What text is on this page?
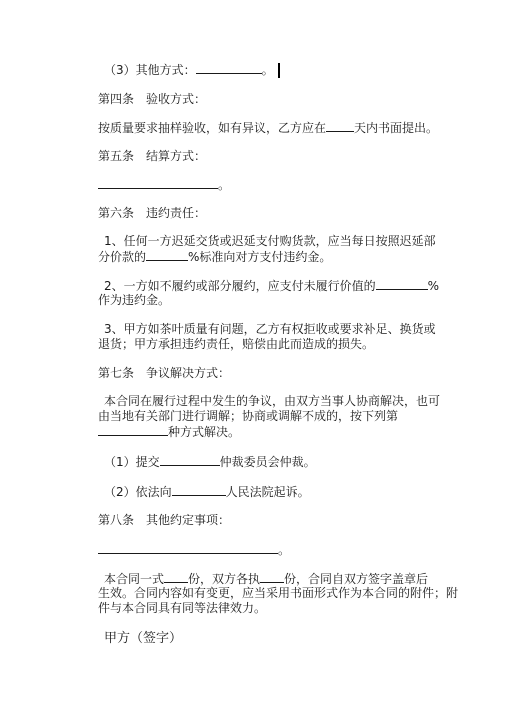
（3）其他方式：	。
第四条　验收方式：
按质量要求抽样验收，如有异议，乙方应在 天内书面提出。
第五条　结算方式：
。
第六条　违约责任：
1、任何一方迟延交货或迟延支付购货款，应当每日按照迟延部
分价款的	%标准向对方支付违约金。
2、一方如不履约或部分履约，应支付未履行价值的	%
作为违约金。
3、甲方如茶叶质量有问题，乙方有权拒收或要求补足、换货或
退货；甲方承担违约责任，赔偿由此而造成的损失。
第七条　争议解决方式：
本合同在履行过程中发生的争议，由双方当事人协商解决，也可
由当地有关部门进行调解；协商或调解不成的，按下列第
种方式解决。
（1）提交	仲裁委员会仲裁。
（2）依法向	人民法院起诉。
第八条　其他约定事项：
。
本合同一式 份，双方各执 份，合同自双方签字盖章后
生效。合同内容如有变更，应当采用书面形式作为本合同的附件；附
件与本合同具有同等法律效力。
甲方（签字）
